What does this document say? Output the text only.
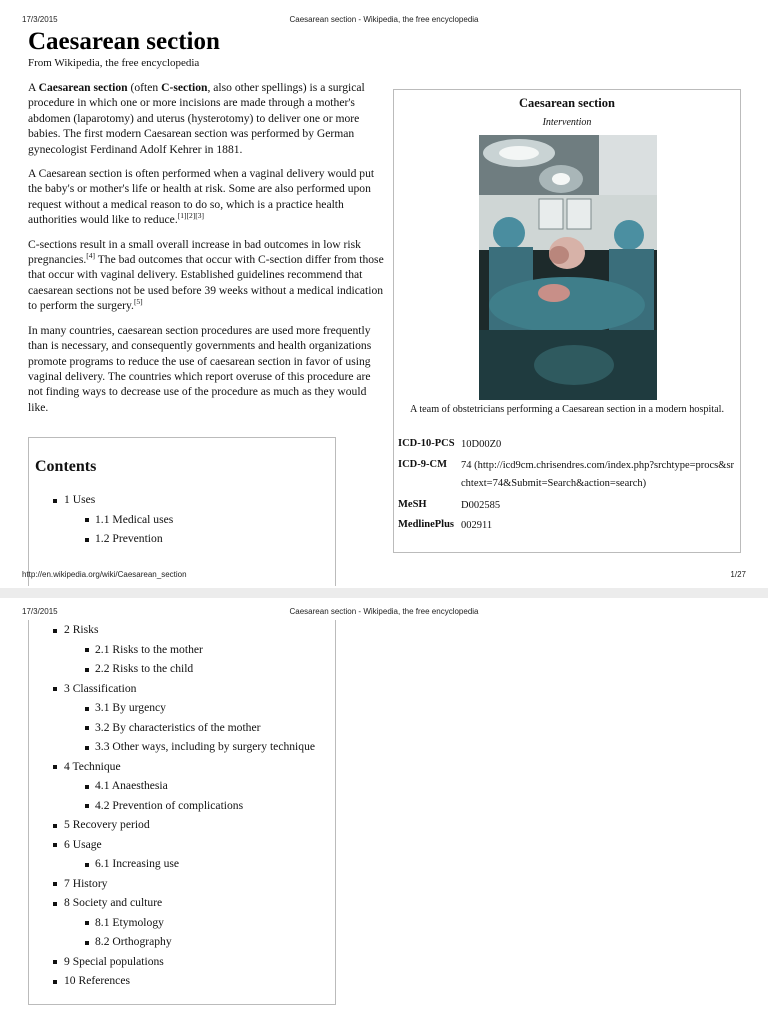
17/3/2015	Caesarean section - Wikipedia, the free encyclopedia
Caesarean section
From Wikipedia, the free encyclopedia

A Caesarean section (often C-section, also other spellings) is a surgical procedure in which one or more incisions are made through a mother's abdomen (laparotomy) and uterus (hysterotomy) to deliver one or more babies. The first modern Caesarean section was performed by German gynecologist Ferdinand Adolf Kehrer in 1881.

A Caesarean section is often performed when a vaginal delivery would put the baby's or mother's life or health at risk. Some are also performed upon request without a medical reason to do so, which is a practice health authorities would like to reduce.[1][2][3]

C-sections result in a small overall increase in bad outcomes in low risk pregnancies.[4] The bad outcomes that occur with C-section differ from those that occur with vaginal delivery. Established guidelines recommend that caesarean sections not be used before 39 weeks without a medical indication to perform the surgery.[5]

In many countries, caesarean section procedures are used more frequently than is necessary, and consequently governments and health organizations promote programs to reduce the use of caesarean section in favor of using vaginal delivery. The countries which report overuse of this procedure are not finding ways to decrease use of the procedure as much as they would like.

Contents
1 Uses
1.1 Medical uses
1.2 Prevention
Caesarean section
Intervention
A team of obstetricians performing a Caesarean section in a modern hospital.
ICD-10-PCS 10D00Z0
ICD-9-CM	74 (http://icd9cm.chrisendres.com/index.php?srchtype=procs&srchtext=74&Submit=Search&action=search)
MeSH	D002585
MedlinePlus 002911
http://en.wikipedia.org/wiki/Caesarean_section	1/27
17/3/2015	Caesarean section - Wikipedia, the free encyclopedia
2 Risks
2.1 Risks to the mother
2.2 Risks to the child
3 Classification
3.1 By urgency
3.2 By characteristics of the mother
3.3 Other ways, including by surgery technique
4 Technique
4.1 Anaesthesia
4.2 Prevention of complications
5 Recovery period
6 Usage
6.1 Increasing use
7 History
8 Society and culture
8.1 Etymology
8.2 Orthography
9 Special populations
10 References
